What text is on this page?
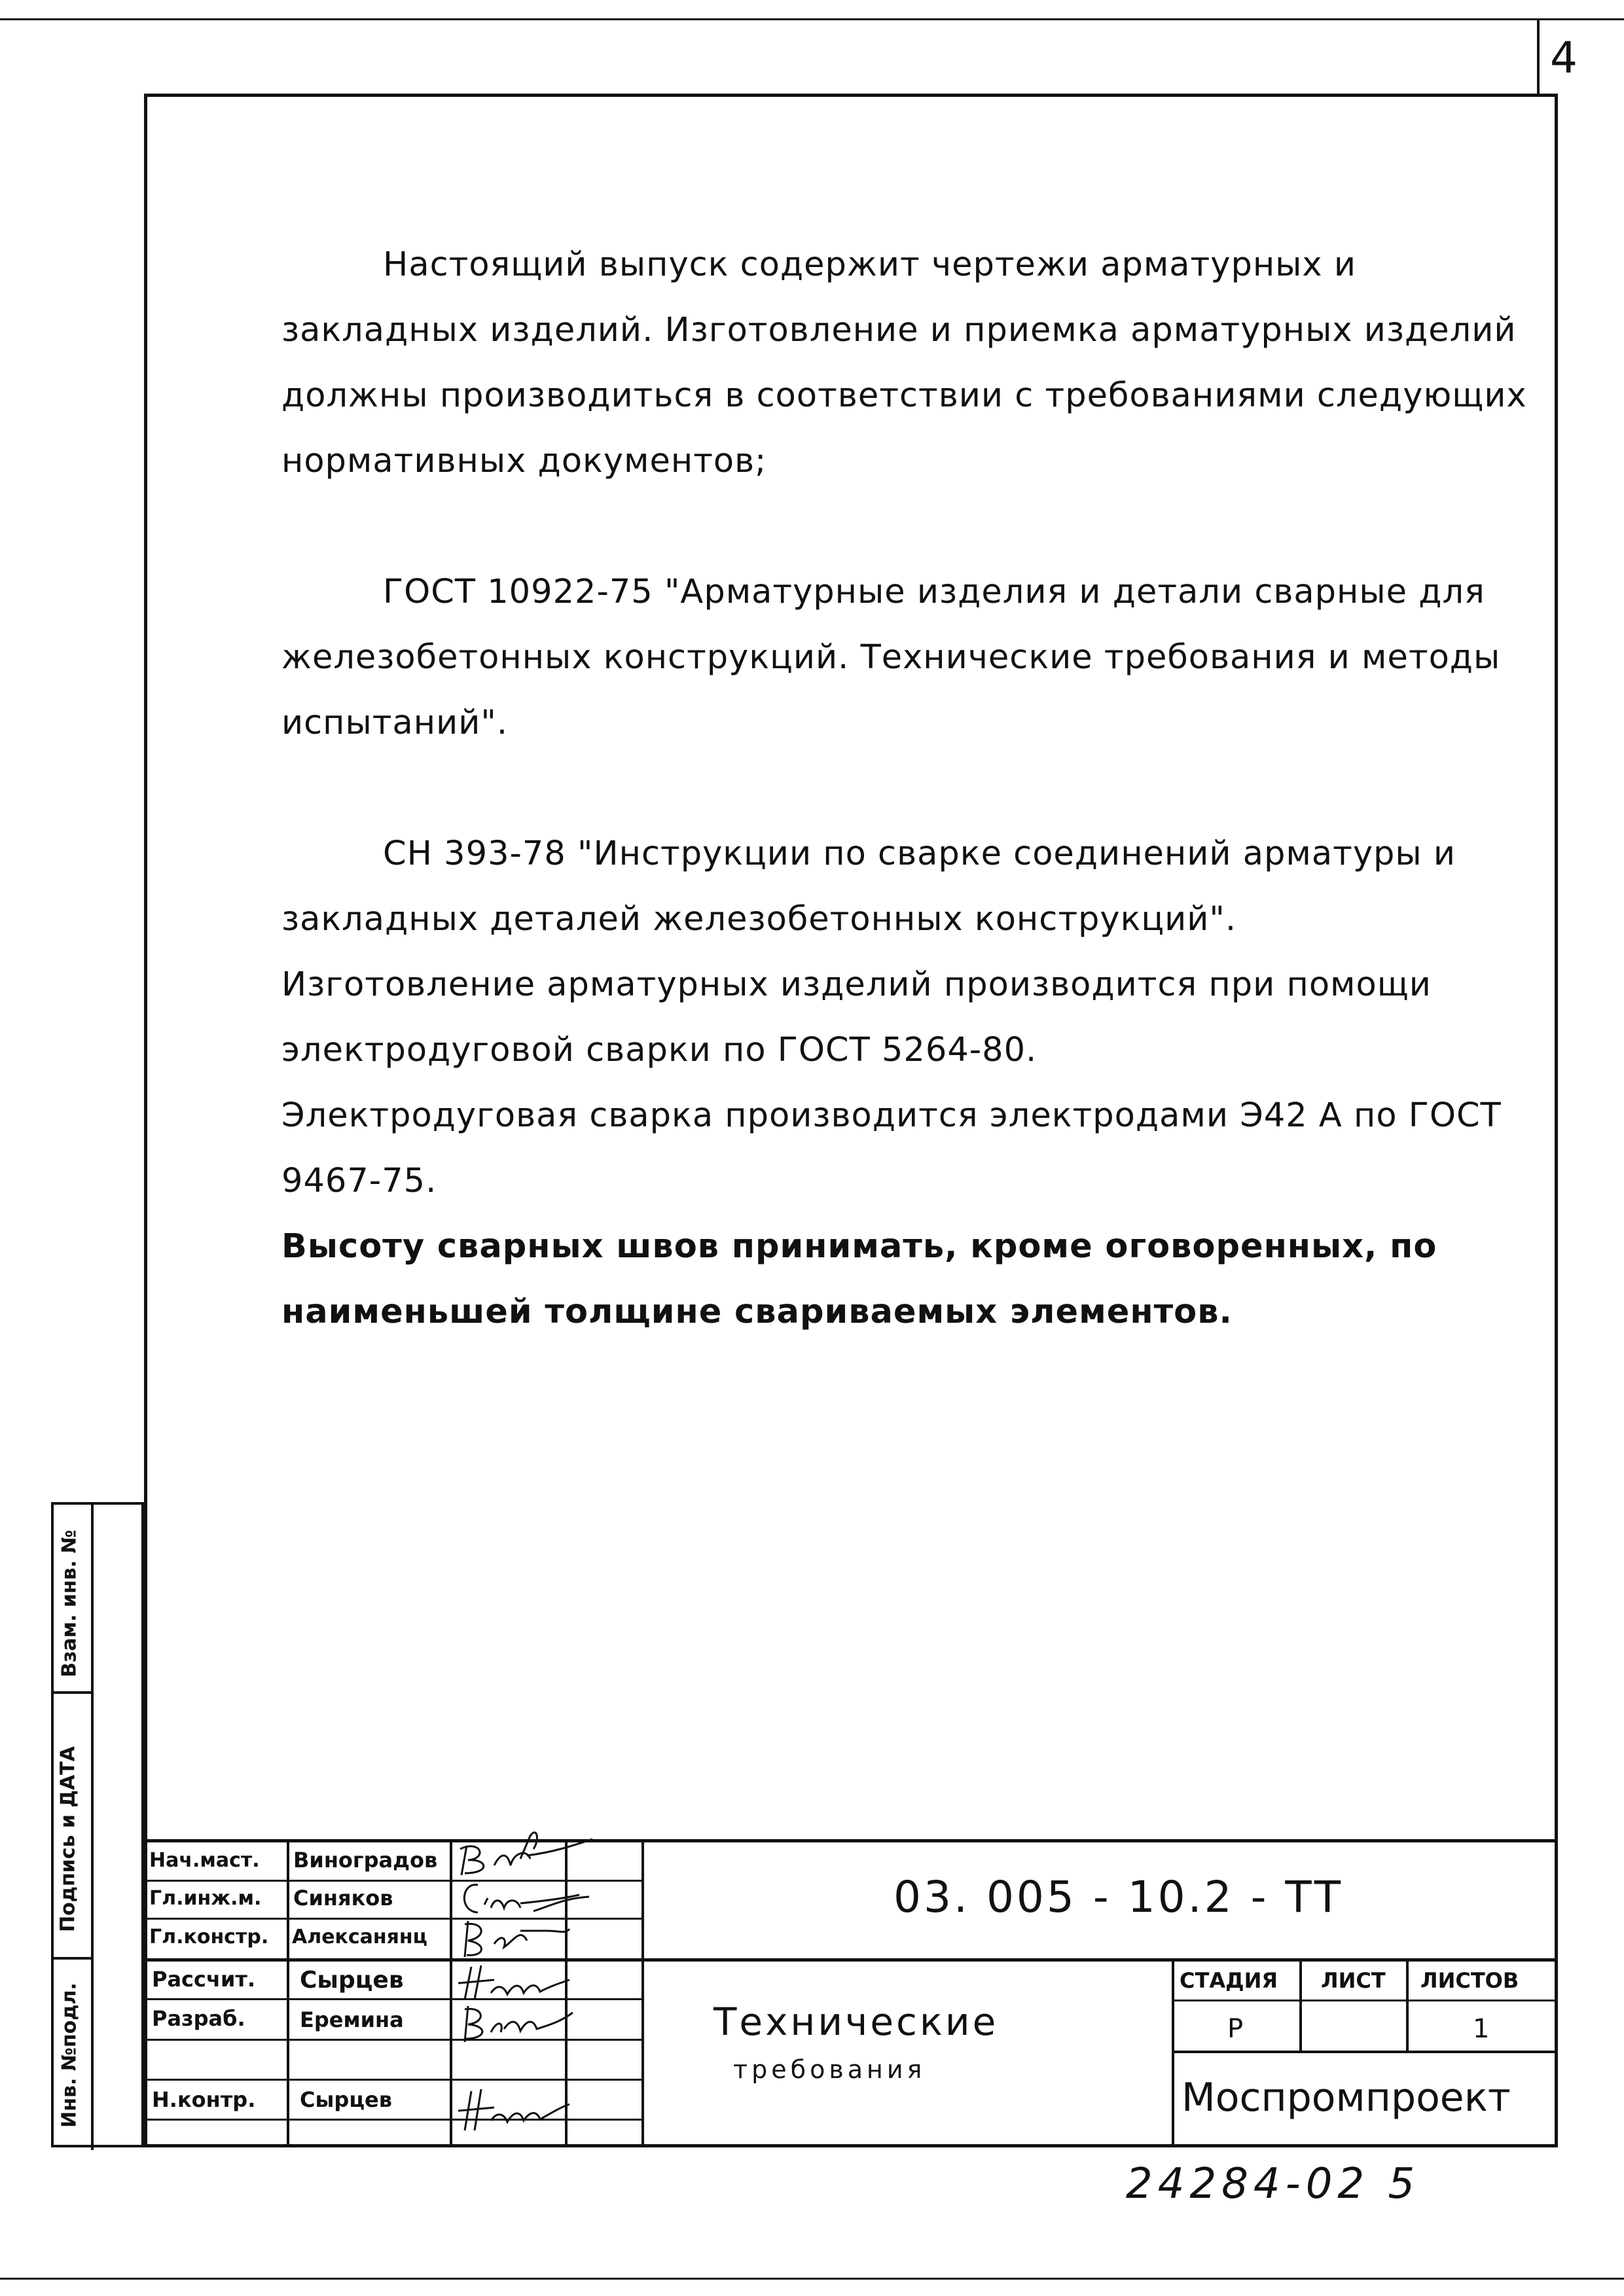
4

Настоящий выпуск содержит чертежи арматурных и закладных изделий. Изготовление и приемка арматурных изделий должны производиться в соответствии с требованиями следующих нормативных документов;

ГОСТ 10922-75 "Арматурные изделия и детали сварные для железобетонных конструкций. Технические требования и методы испытаний".

СН 393-78 "Инструкции по сварке соединений арматуры и закладных деталей железобетонных конструкций".

Изготовление арматурных изделий производится при помощи электродуговой сварки по ГОСТ 5264-80.

Электродуговая сварка производится электродами Э42 А по ГОСТ 9467-75.

Высоту сварных швов принимать, кроме оговоренных, по наименьшей толщине свариваемых элементов.

Взам. инв. №
Подпись и ДАТА
Инв. №подл.
Нач.маст. Виноградов
Гл.инж.м. Синяков
Гл.констр. Алексанянц
Рассчит. Сырцев
Разраб.	Еремина
Н.контр. Сырцев
03. 005 - 10.2 - ТТ
Технические
требования
СТАДИЯ ЛИСТ ЛИСТОВ
Р	1
Моспромпроект
24284-02 5
